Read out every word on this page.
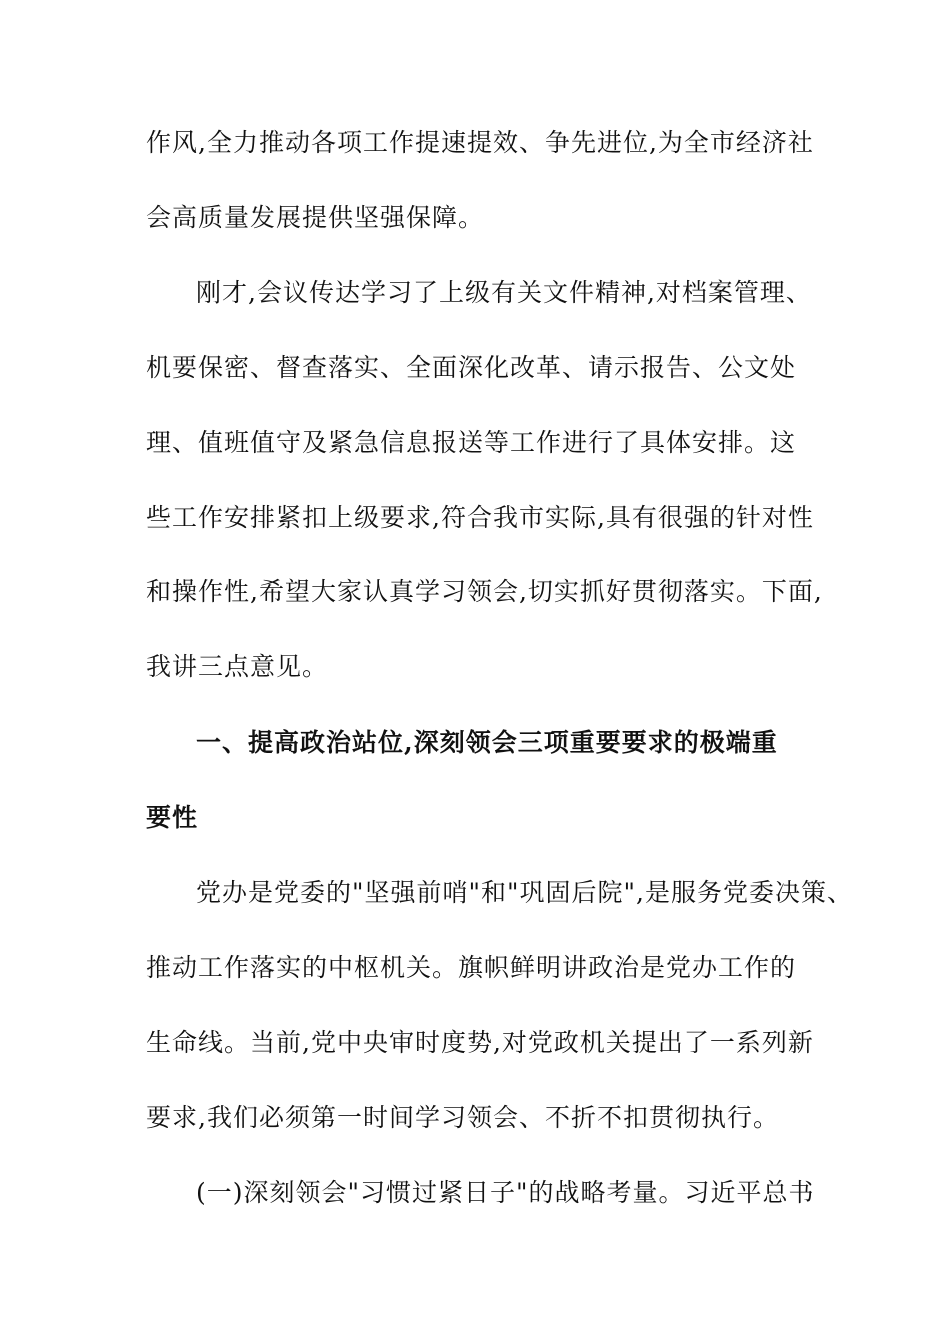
作风,全力推动各项工作提速提效、争先进位,为全市经济社
会高质量发展提供坚强保障。
刚才,会议传达学习了上级有关文件精神,对档案管理、
机要保密、督查落实、全面深化改革、请示报告、公文处
理、值班值守及紧急信息报送等工作进行了具体安排。这
些工作安排紧扣上级要求,符合我市实际,具有很强的针对性
和操作性,希望大家认真学习领会,切实抓好贯彻落实。下面,
我讲三点意见。
一、提高政治站位,深刻领会三项重要要求的极端重
要性
党办是党委的"坚强前哨"和"巩固后院",是服务党委决策、
推动工作落实的中枢机关。旗帜鲜明讲政治是党办工作的
生命线。当前,党中央审时度势,对党政机关提出了一系列新
要求,我们必须第一时间学习领会、不折不扣贯彻执行。
(一)深刻领会"习惯过紧日子"的战略考量。习近平总书
